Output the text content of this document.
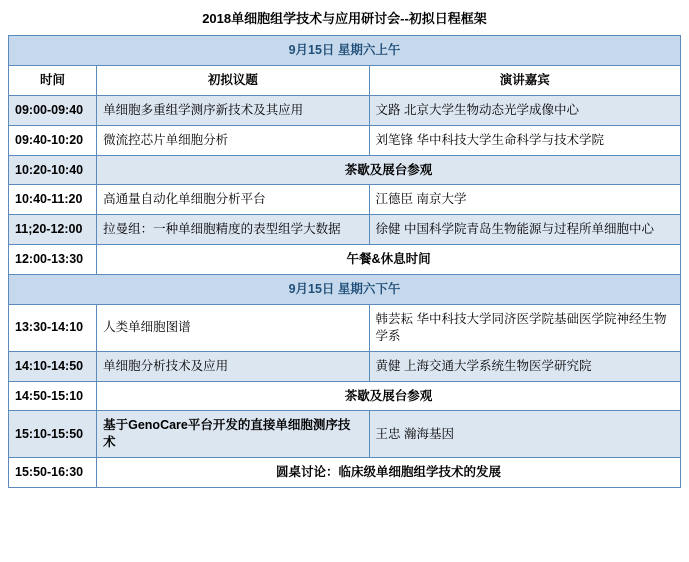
2018单细胞组学技术与应用研讨会--初拟日程框架
9月15日 星期六上午		
时间	初拟议题	演讲嘉宾
09:00-09:40	单细胞多重组学测序新技术及其应用	文路 北京大学生物动态光学成像中心
09:40-10:20	微流控芯片单细胞分析	刘笔锋 华中科技大学生命科学与技术学院
10:20-10:40	茶歇及展台参观	
10:40-11:20	高通量自动化单细胞分析平台	江德臣 南京大学
11;20-12:00	拉曼组：一种单细胞精度的表型组学大数据	徐健 中国科学院青岛生物能源与过程所单细胞中心
12:00-13:30	午餐&休息时间	
9月15日 星期六下午		
13:30-14:10	人类单细胞图谱	韩芸耘 华中科技大学同济医学院基础医学院神经生物学系
14:10-14:50	单细胞分析技术及应用	黄健 上海交通大学系统生物医学研究院
14:50-15:10	茶歇及展台参观	
15:10-15:50	基于GenoCare平台开发的直接单细胞测序技术	王忠 瀚海基因
15:50-16:30	圆桌讨论：临床级单细胞组学技术的发展	
